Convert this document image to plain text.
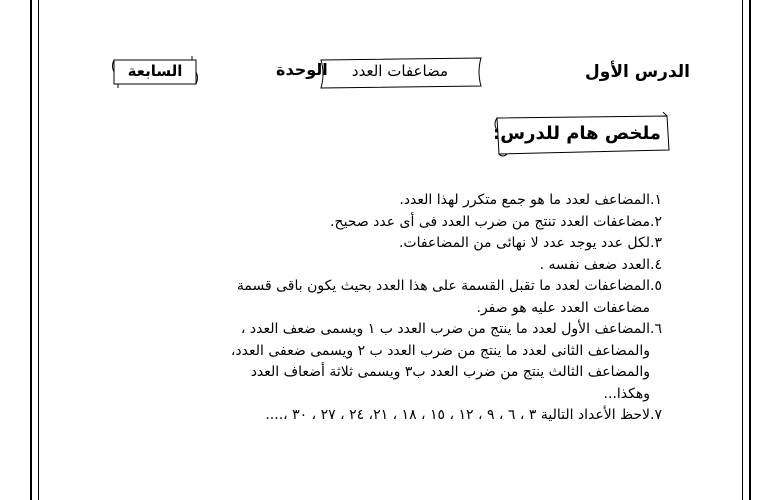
الدرس الأول
مضاعفات العدد
الوحدة
السابعة
ملخص هام للدرس:
١.
المضاعف لعدد ما هو جمع متكرر لهذا العدد.
٢.
مضاعفات العدد تنتج من ضرب العدد فى أى عدد صحيح.
٣.
لكل عدد يوجد عدد لا نهائى من المضاعفات.
٤.
العدد ضعف نفسه .
٥.
المضاعفات لعدد ما تقبل القسمة على هذا العدد بحيث يكون باقى قسمة
مضاعفات العدد عليه هو صفر.
٦.
المضاعف الأول لعدد ما ينتج من ضرب العدد ب ١ ويسمى ضعف العدد ،
والمضاعف الثانى لعدد ما ينتج من ضرب العدد ب ٢ ويسمى ضعفى العدد،
والمضاعف الثالث ينتج من ضرب العدد ب٣ ويسمى ثلاثة أضعاف العدد
وهكذا...
٧.
لاحظ الأعداد التالية ٣ ، ٦ ، ٩ ، ١٢ ، ١٥ ، ١٨ ، ٢١، ٢٤ ، ٢٧ ، ٣٠ ،....
